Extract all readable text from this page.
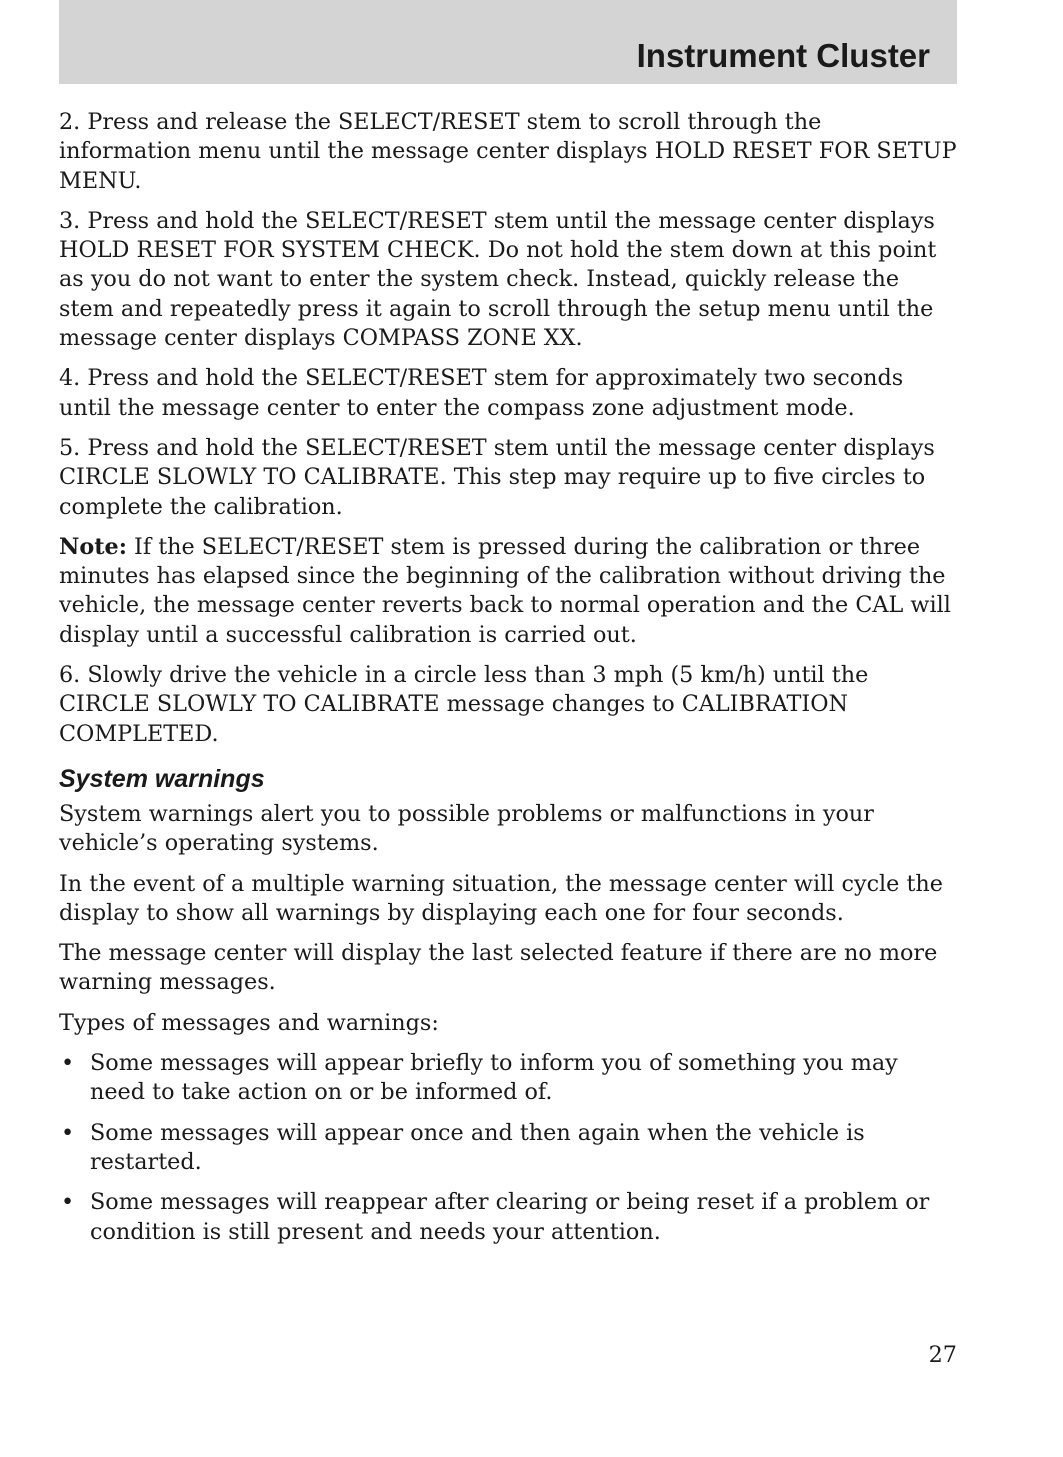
Instrument Cluster

2. Press and release the SELECT/RESET stem to scroll through the information menu until the message center displays HOLD RESET FOR SETUP MENU.

3. Press and hold the SELECT/RESET stem until the message center displays HOLD RESET FOR SYSTEM CHECK. Do not hold the stem down at this point as you do not want to enter the system check. Instead, quickly release the stem and repeatedly press it again to scroll through the setup menu until the message center displays COMPASS ZONE XX.

4. Press and hold the SELECT/RESET stem for approximately two seconds until the message center to enter the compass zone adjustment mode.

5. Press and hold the SELECT/RESET stem until the message center displays CIRCLE SLOWLY TO CALIBRATE. This step may require up to five circles to complete the calibration.

Note: If the SELECT/RESET stem is pressed during the calibration or three minutes has elapsed since the beginning of the calibration without driving the vehicle, the message center reverts back to normal operation and the CAL will display until a successful calibration is carried out.

6. Slowly drive the vehicle in a circle less than 3 mph (5 km/h) until the CIRCLE SLOWLY TO CALIBRATE message changes to CALIBRATION COMPLETED.

System warnings

System warnings alert you to possible problems or malfunctions in your vehicle’s operating systems.

In the event of a multiple warning situation, the message center will cycle the display to show all warnings by displaying each one for four seconds.

The message center will display the last selected feature if there are no more warning messages.

Types of messages and warnings:

• Some messages will appear briefly to inform you of something you may need to take action on or be informed of.
• Some messages will appear once and then again when the vehicle is restarted.
• Some messages will reappear after clearing or being reset if a problem or condition is still present and needs your attention.
27
